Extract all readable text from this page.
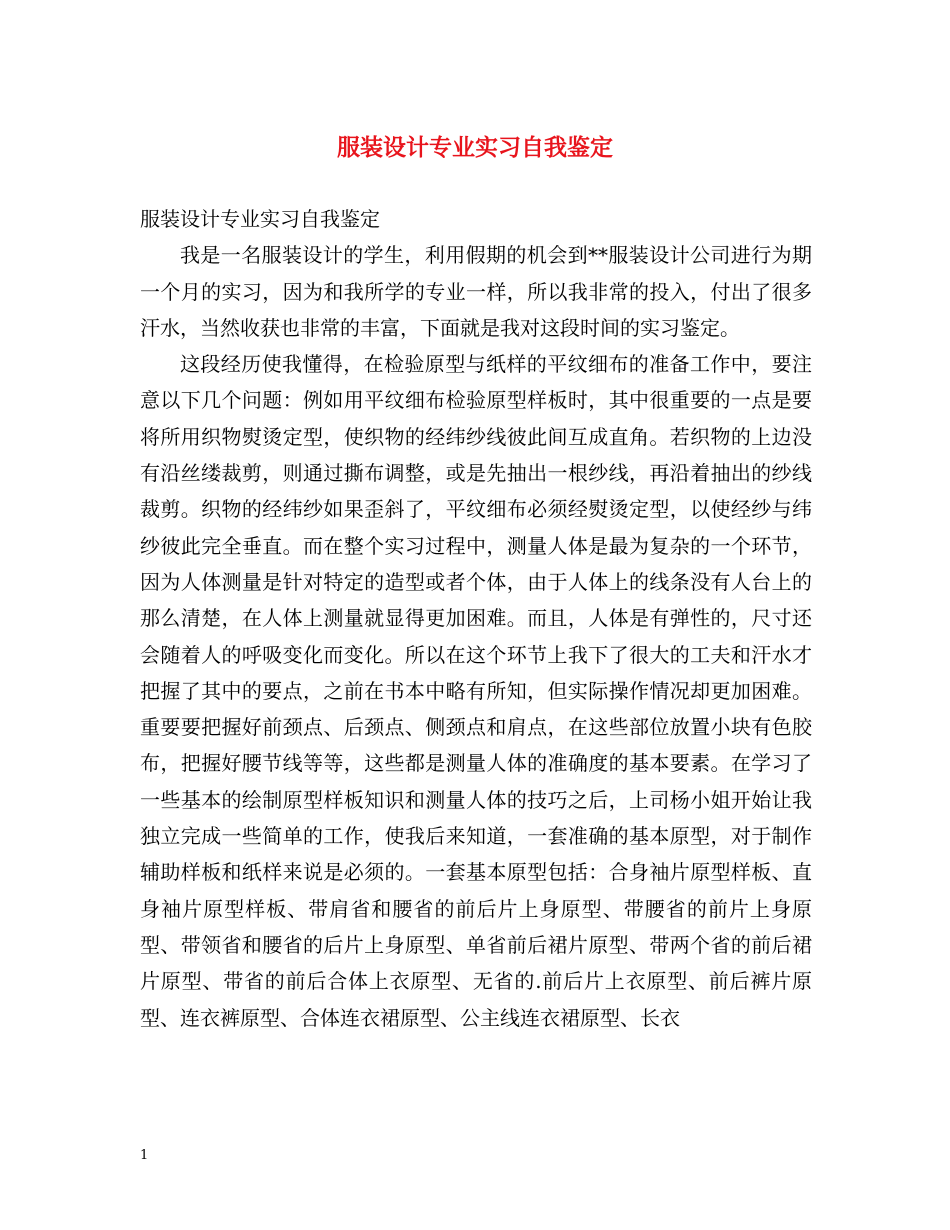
服装设计专业实习自我鉴定

服装设计专业实习自我鉴定

我是一名服装设计的学生，利用假期的机会到**服装设计公司进行为期一个月的实习，因为和我所学的专业一样，所以我非常的投入，付出了很多汗水，当然收获也非常的丰富，下面就是我对这段时间的实习鉴定。

这段经历使我懂得，在检验原型与纸样的平纹细布的准备工作中，要注意以下几个问题：例如用平纹细布检验原型样板时，其中很重要的一点是要将所用织物熨烫定型，使织物的经纬纱线彼此间互成直角。若织物的上边没有沿丝缕裁剪，则通过撕布调整，或是先抽出一根纱线，再沿着抽出的纱线裁剪。织物的经纬纱如果歪斜了，平纹细布必须经熨烫定型，以使经纱与纬纱彼此完全垂直。而在整个实习过程中，测量人体是最为复杂的一个环节，因为人体测量是针对特定的造型或者个体，由于人体上的线条没有人台上的那么清楚，在人体上测量就显得更加困难。而且，人体是有弹性的，尺寸还会随着人的呼吸变化而变化。所以在这个环节上我下了很大的工夫和汗水才把握了其中的要点，之前在书本中略有所知，但实际操作情况却更加困难。重要要把握好前颈点、后颈点、侧颈点和肩点，在这些部位放置小块有色胶布，把握好腰节线等等，这些都是测量人体的准确度的基本要素。在学习了一些基本的绘制原型样板知识和测量人体的技巧之后，上司杨小姐开始让我独立完成一些简单的工作，使我后来知道，一套准确的基本原型，对于制作辅助样板和纸样来说是必须的。一套基本原型包括：合身袖片原型样板、直身袖片原型样板、带肩省和腰省的前后片上身原型、带腰省的前片上身原型、带领省和腰省的后片上身原型、单省前后裙片原型、带两个省的前后裙片原型、带省的前后合体上衣原型、无省的.前后片上衣原型、前后裤片原型、连衣裤原型、合体连衣裙原型、公主线连衣裙原型、长衣

1
